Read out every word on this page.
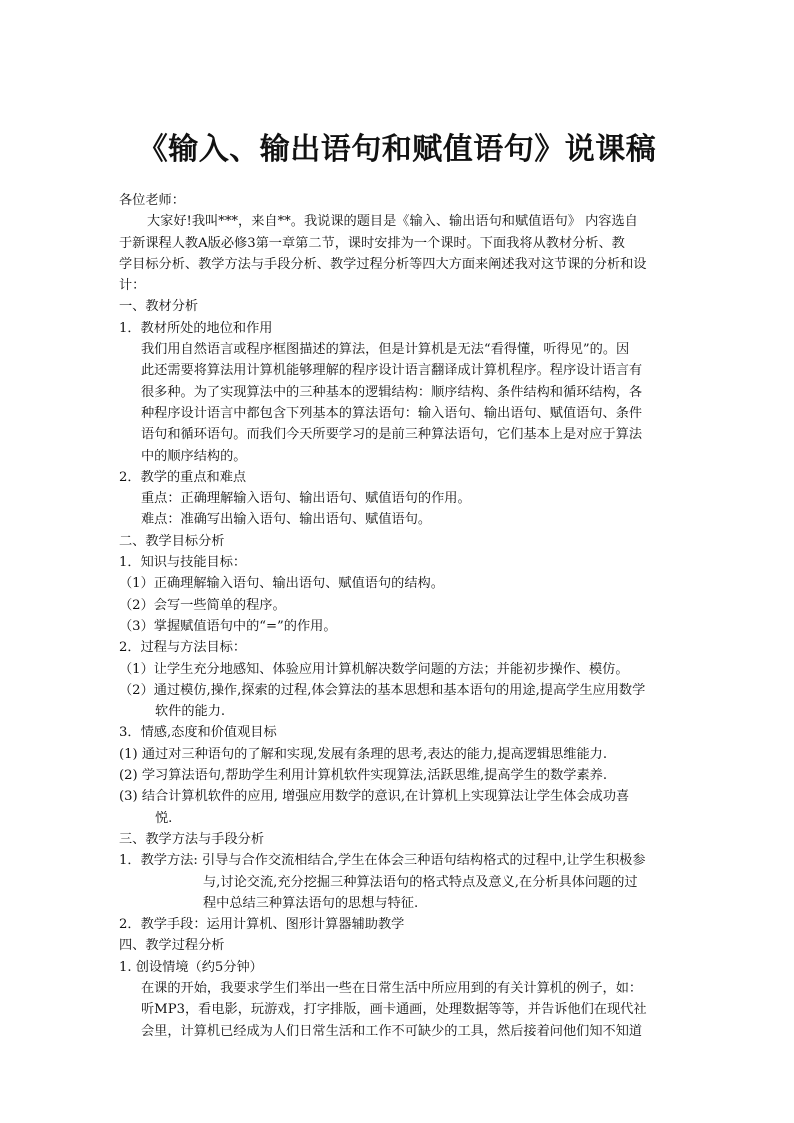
《输入、输出语句和赋值语句》说课稿
各位老师：
大家好!我叫***，来自**。我说课的题目是《输入、输出语句和赋值语句》 内容选自
于新课程人教A版必修3第一章第二节，课时安排为一个课时。下面我将从教材分析、教
学目标分析、教学方法与手段分析、教学过程分析等四大方面来阐述我对这节课的分析和设
计：
一、教材分析
1．教材所处的地位和作用
我们用自然语言或程序框图描述的算法，但是计算机是无法“看得懂，听得见”的。因
此还需要将算法用计算机能够理解的程序设计语言翻译成计算机程序。程序设计语言有
很多种。为了实现算法中的三种基本的逻辑结构：顺序结构、条件结构和循环结构，各
种程序设计语言中都包含下列基本的算法语句：输入语句、输出语句、赋值语句、条件
语句和循环语句。而我们今天所要学习的是前三种算法语句，它们基本上是对应于算法
中的顺序结构的。
2．教学的重点和难点
重点：正确理解输入语句、输出语句、赋值语句的作用。
难点：准确写出输入语句、输出语句、赋值语句。
二、教学目标分析
1．知识与技能目标：
（1）正确理解输入语句、输出语句、赋值语句的结构。
（2）会写一些简单的程序。
（3）掌握赋值语句中的“=”的作用。
2．过程与方法目标：
（1）让学生充分地感知、体验应用计算机解决数学问题的方法；并能初步操作、模仿。
（2）通过模仿,操作,探索的过程,体会算法的基本思想和基本语句的用途,提高学生应用数学
软件的能力.
3．情感,态度和价值观目标
(1) 通过对三种语句的了解和实现,发展有条理的思考,表达的能力,提高逻辑思维能力.
(2) 学习算法语句,帮助学生利用计算机软件实现算法,活跃思维,提高学生的数学素养.
(3) 结合计算机软件的应用, 增强应用数学的意识,在计算机上实现算法让学生体会成功喜
悦.
三、教学方法与手段分析
1．教学方法: 引导与合作交流相结合,学生在体会三种语句结构格式的过程中,让学生积极参
与,讨论交流,充分挖掘三种算法语句的格式特点及意义,在分析具体问题的过
程中总结三种算法语句的思想与特征.
2．教学手段：运用计算机、图形计算器辅助教学
四、教学过程分析
1. 创设情境（约5分钟）
在课的开始，我要求学生们举出一些在日常生活中所应用到的有关计算机的例子，如：
听MP3，看电影，玩游戏，打字排版，画卡通画，处理数据等等，并告诉他们在现代社
会里，计算机已经成为人们日常生活和工作不可缺少的工具，然后接着问他们知不知道
